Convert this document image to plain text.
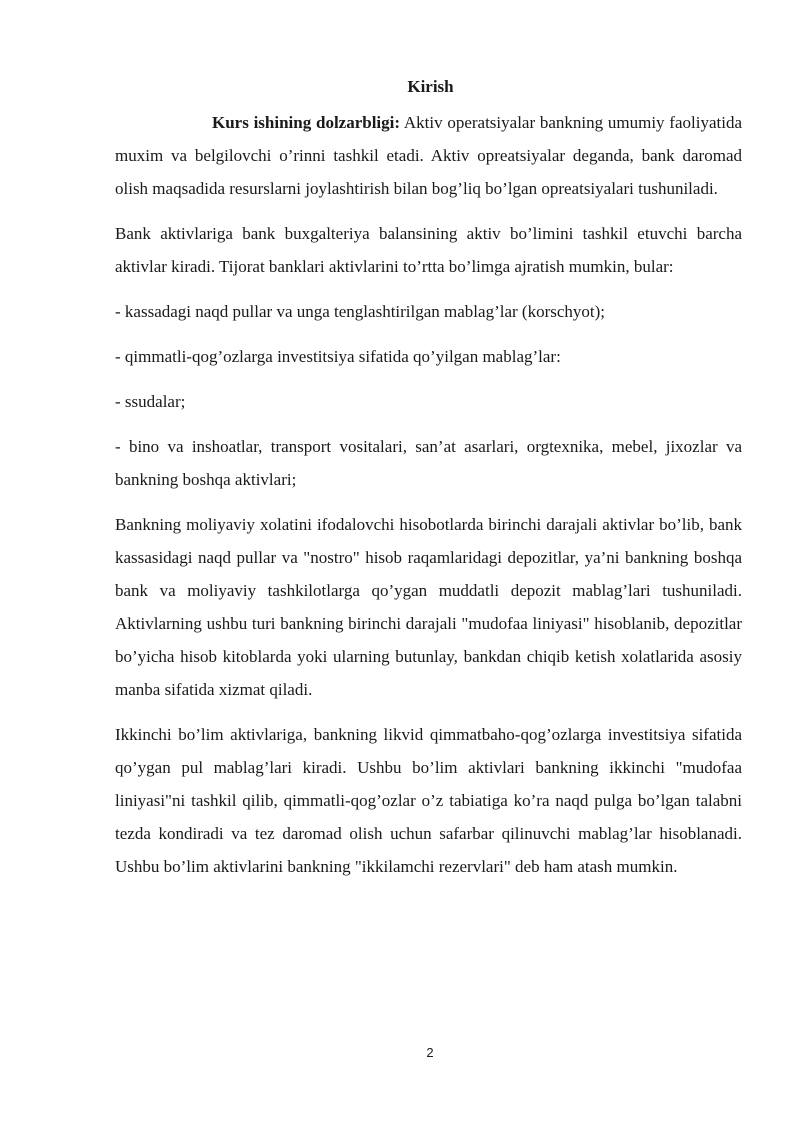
Kirish

Kurs ishining dolzarbligi: Aktiv operatsiyalar bankning umumiy faoliyatida muxim va belgilovchi o’rinni tashkil etadi. Aktiv opreatsiyalar deganda, bank daromad olish maqsadida resurslarni joylashtirish bilan bog’liq bo’lgan opreatsiyalari tushuniladi.

Bank aktivlariga bank buxgalteriya balansining aktiv bo’limini tashkil etuvchi barcha aktivlar kiradi. Tijorat banklari aktivlarini to’rtta bo’limga ajratish mumkin, bular:

- kassadagi naqd pullar va unga tenglashtirilgan mablag’lar (korschyot);

- qimmatli-qog’ozlarga investitsiya sifatida qo’yilgan mablag’lar:

- ssudalar;

- bino va inshoatlar, transport vositalari, san’at asarlari, orgtexnika, mebel, jixozlar va bankning boshqa aktivlari;

Bankning moliyaviy xolatini ifodalovchi hisobotlarda birinchi darajali aktivlar bo’lib, bank kassasidagi naqd pullar va "nostro" hisob raqamlaridagi depozitlar, ya’ni bankning boshqa bank va moliyaviy tashkilotlarga qo’ygan muddatli depozit mablag’lari tushuniladi. Aktivlarning ushbu turi bankning birinchi darajali "mudofaa liniyasi" hisoblanib, depozitlar bo’yicha hisob kitoblarda yoki ularning butunlay, bankdan chiqib ketish xolatlarida asosiy manba sifatida xizmat qiladi.

Ikkinchi bo’lim aktivlariga, bankning likvid qimmatbaho-qog’ozlarga investitsiya sifatida qo’ygan pul mablag’lari kiradi. Ushbu bo’lim aktivlari bankning ikkinchi "mudofaa liniyasi"ni tashkil qilib, qimmatli-qog’ozlar o’z tabiatiga ko’ra naqd pulga bo’lgan talabni tezda kondiradi va tez daromad olish uchun safarbar qilinuvchi mablag’lar hisoblanadi. Ushbu bo’lim aktivlarini bankning "ikkilamchi rezervlari" deb ham atash mumkin.

2
